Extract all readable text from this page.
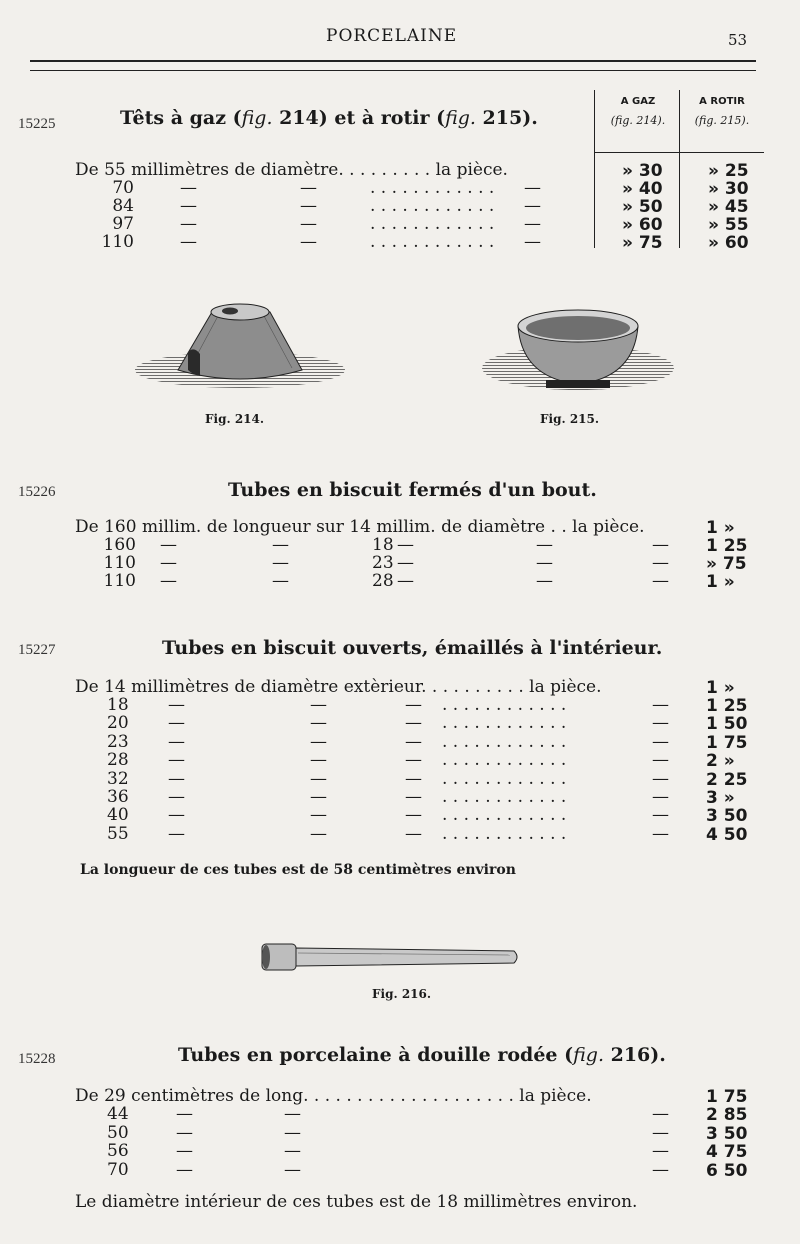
PORCELAINE	53
15225	Têts à gaz (fig. 214) et à rotir (fig. 215).
A GAZ
(fig. 214).
A ROTIR
(fig. 215).
De 55 millimètres de diamètre. . . . . . . . . la pièce.	» 30	» 25
70	—	—	. . . . . . . . . . . . —	» 40	» 30
84	—	—	. . . . . . . . . . . . —	» 50	» 45
97	—	—	. . . . . . . . . . . . —	» 60	» 55
110	—	—	. . . . . . . . . . . . —	» 75	» 60
Fig. 214.	Fig. 215.
15226	Tubes en biscuit fermés d'un bout.
De 160 millim. de longueur sur 14 millim. de diamètre . . la pièce.	1 »
160 —	—	18 —	—	— 1 25
110 —	—	23 —	—	— » 75
110 —	—	28 —	—	— 1 »
15227	Tubes en biscuit ouverts, émaillés à l'intérieur.
De 14 millimètres de diamètre extèrieur. . . . . . . . . . la pièce.	1 »
18 —	—	— . . . . . . . . . . . .	— 1 25
20 —	—	— . . . . . . . . . . . .	— 1 50
23 —	—	— . . . . . . . . . . . .	— 1 75
28 —	—	— . . . . . . . . . . . .	— 2 »
32 —	—	— . . . . . . . . . . . .	— 2 25
36 —	—	— . . . . . . . . . . . .	— 3 »
40 —	—	— . . . . . . . . . . . .	— 3 50
55 —	—	— . . . . . . . . . . . .	— 4 50
La longueur de ces tubes est de 58 centimètres environ
Fig. 216.
15228	Tubes en porcelaine à douille rodée (fig. 216).
De 29 centimètres de long. . . . . . . . . . . . . . . . . . . . la pièce.	1 75
44	—	—	— 2 85
50	—	—	— 3 50
56	—	—	— 4 75
70	—	—	— 6 50
Le diamètre intérieur de ces tubes est de 18 millimètres environ.
